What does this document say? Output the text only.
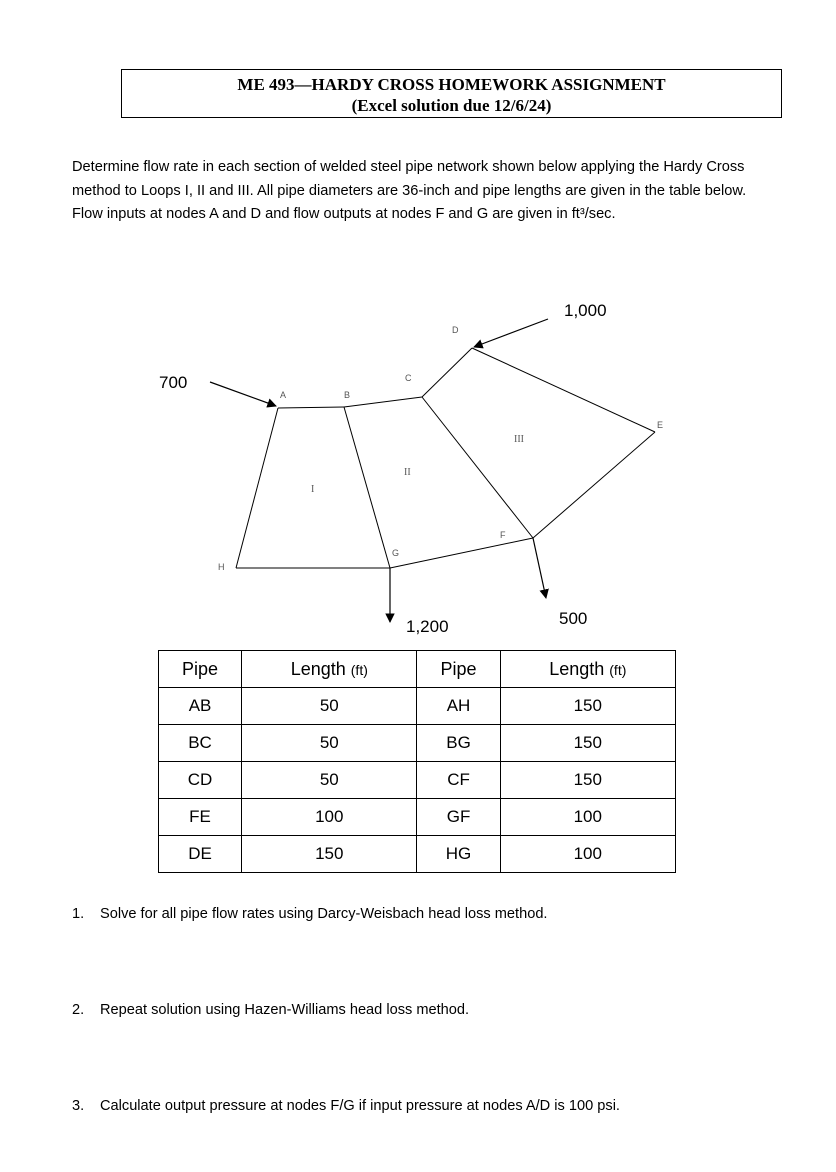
ME 493—HARDY CROSS HOMEWORK ASSIGNMENT
(Excel solution due 12/6/24)
Determine flow rate in each section of welded steel pipe network shown below applying the Hardy Cross method to Loops I, II and III. All pipe diameters are 36-inch and pipe lengths are given in the table below. Flow inputs at nodes A and D and flow outputs at nodes F and G are given in ft³/sec.
A	B
C
D
E
F
G
H
I
II
III
700
1,000
1,200	500
Pipe	Length (ft)	Pipe	Length (ft)
AB	50	AH	150
BC	50	BG	150
CD	50	CF	150
FE	100	GF	100
DE	150	HG	100
1. Solve for all pipe flow rates using Darcy-Weisbach head loss method.
2. Repeat solution using Hazen-Williams head loss method.
3. Calculate output pressure at nodes F/G if input pressure at nodes A/D is 100 psi.
